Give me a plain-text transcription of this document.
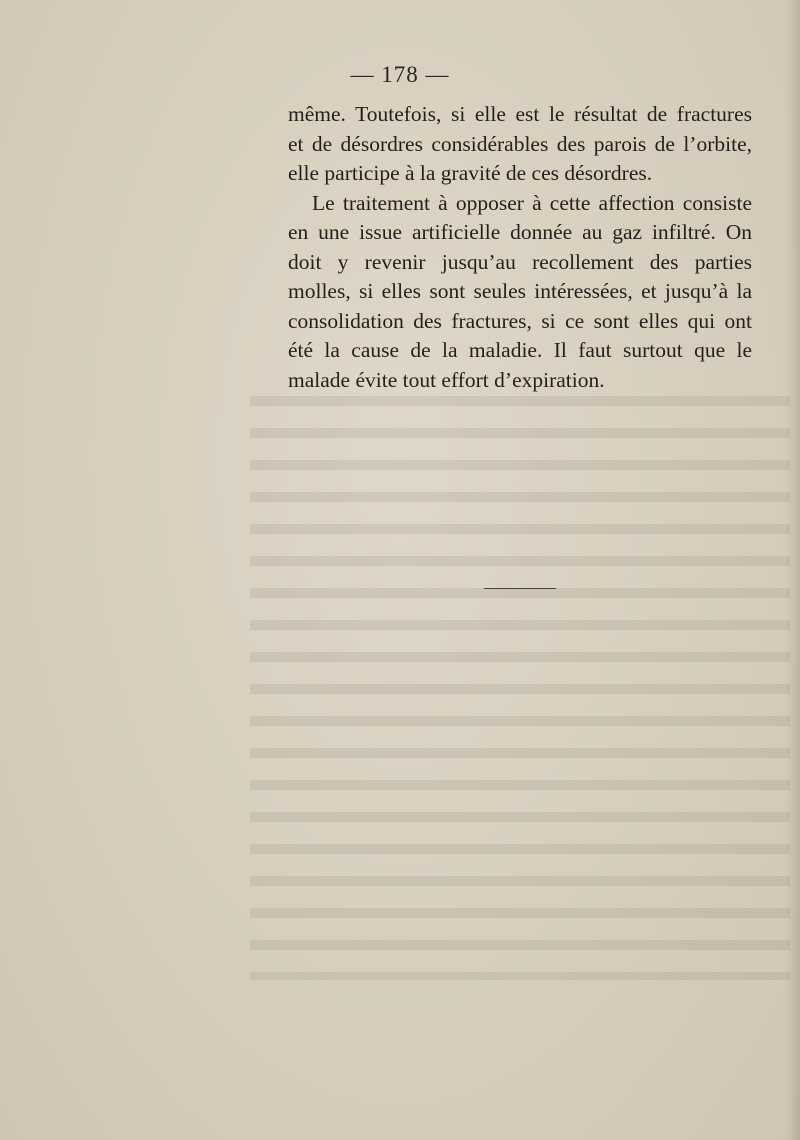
— 178 —

même. Toutefois, si elle est le résultat de fractures
et de désordres considérables des parois de l’orbite,
elle participe à la gravité de ces désordres.

Le traitement à opposer à cette affection consiste
en une issue artificielle donnée au gaz infiltré. On
doit y revenir jusqu’au recollement des parties
molles, si elles sont seules intéressées, et jusqu’à la
consolidation des fractures, si ce sont elles qui ont
été la cause de la maladie. Il faut surtout que le
malade évite tout effort d’expiration.
